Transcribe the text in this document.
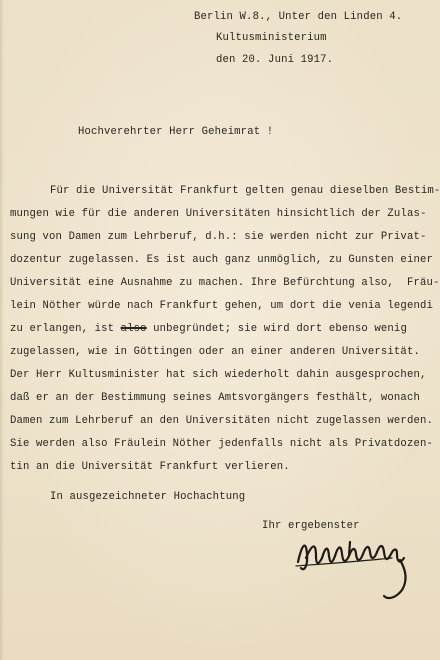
Berlin W.8., Unter den Linden 4.
Kultusministerium
den 20. Juni 1917.
Hochverehrter Herr Geheimrat !
Für die Universität Frankfurt gelten genau dieselben Bestim-
mungen wie für die anderen Universitäten hinsichtlich der Zulas-
sung von Damen zum Lehrberuf, d.h.: sie werden nicht zur Privat-
dozentur zugelassen. Es ist auch ganz unmöglich, zu Gunsten einer
Universität eine Ausnahme zu machen. Ihre Befürchtung also,  Fräu-
lein Nöther würde nach Frankfurt gehen, um dort die venia legendi
zu erlangen, ist also unbegründet; sie wird dort ebenso wenig
zugelassen, wie in Göttingen oder an einer anderen Universität.
Der Herr Kultusminister hat sich wiederholt dahin ausgesprochen,
daß er an der Bestimmung seines Amtsvorgängers festhält, wonach
Damen zum Lehrberuf an den Universitäten nicht zugelassen werden.
Sie werden also Fräulein Nöther jedenfalls nicht als Privatdozen-
tin an die Universität Frankfurt verlieren.
In ausgezeichneter Hochachtung
Ihr ergebenster
